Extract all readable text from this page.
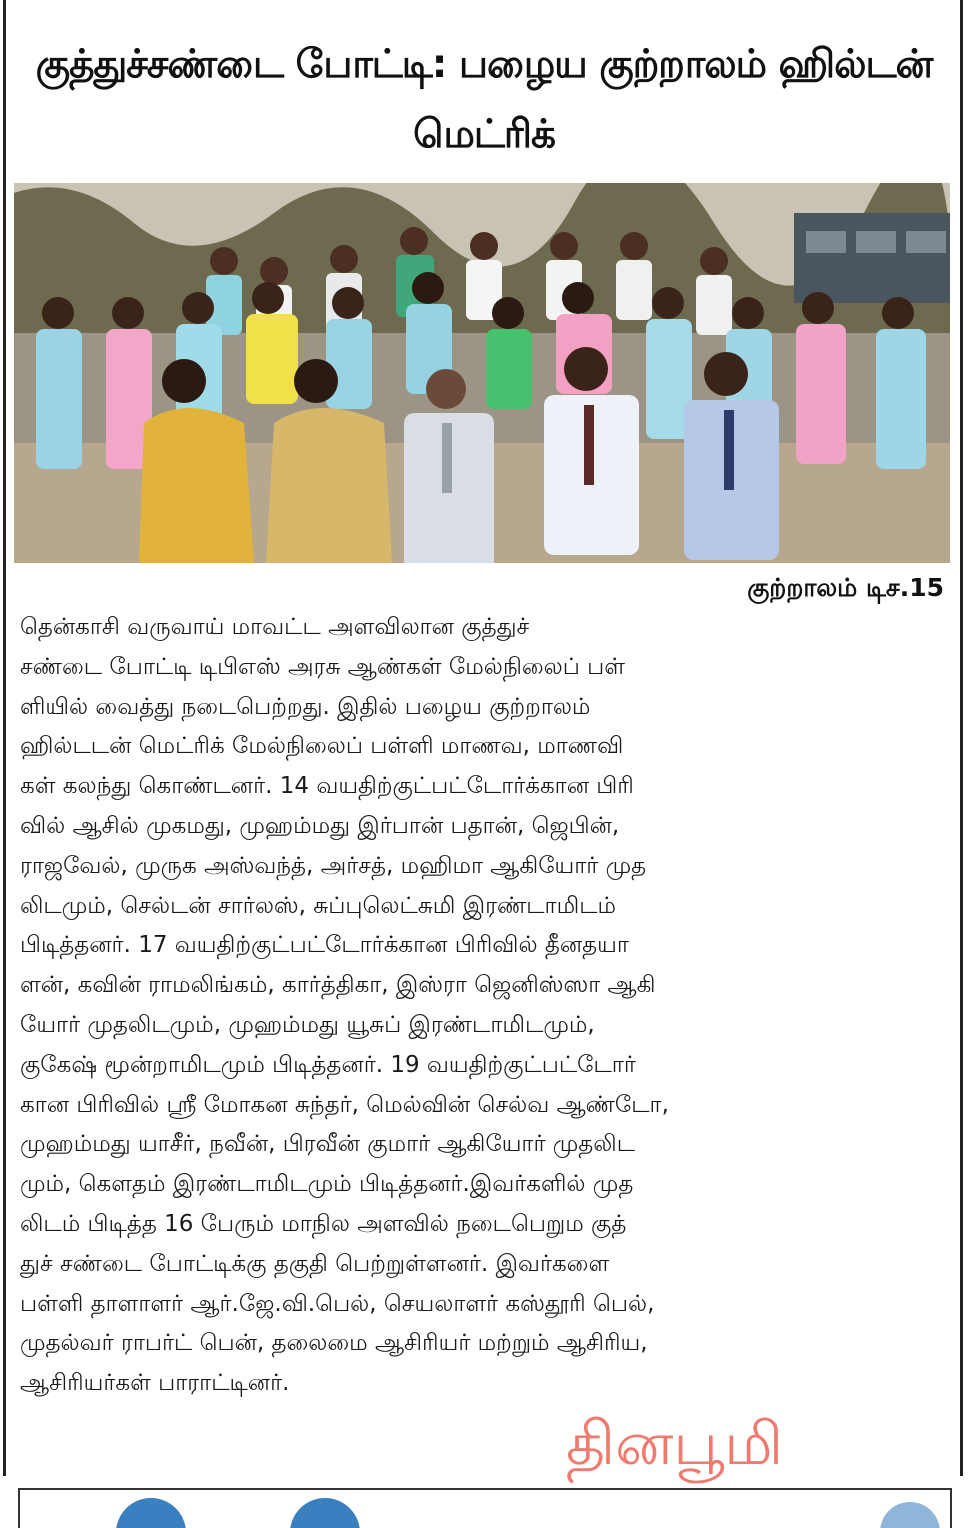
குத்துச்சண்டை போட்டி: பழைய குற்றாலம் ஹில்டன் மெட்ரிக்
குற்றாலம் டிச.15
தென்காசி வருவாய் மாவட்ட அளவிலான குத்துச்
சண்டை போட்டி டிபிஎஸ் அரசு ஆண்கள் மேல்நிலைப் பள்
ளியில் வைத்து நடைபெற்றது. இதில் பழைய குற்றாலம்
ஹில்டடன் மெட்ரிக் மேல்நிலைப் பள்ளி மாணவ, மாணவி
கள் கலந்து கொண்டனர். 14 வயதிற்குட்பட்டோர்க்கான பிரி
வில் ஆசில் முகமது, முஹம்மது இர்பான் பதான், ஜெபின்,
ராஜவேல், முருக அஸ்வந்த், அர்சத், மஹிமா ஆகியோர் முத
லிடமும், செல்டன் சார்லஸ், சுப்புலெட்சுமி இரண்டாமிடம்
பிடித்தனர். 17 வயதிற்குட்பட்டோர்க்கான பிரிவில் தீனதயா
ளன், கவின் ராமலிங்கம், கார்த்திகா, இஸ்ரா ஜெனிஸ்ஸா ஆகி
யோர் முதலிடமும், முஹம்மது யூசுப் இரண்டாமிடமும்,
குகேஷ் மூன்றாமிடமும் பிடித்தனர். 19 வயதிற்குட்பட்டோர்
கான பிரிவில் ஸ்ரீ மோகன சுந்தர், மெல்வின் செல்வ ஆண்டோ,
முஹம்மது யாசீர், நவீன், பிரவீன் குமார் ஆகியோர் முதலிட
மும், கௌதம் இரண்டாமிடமும் பிடித்தனர்.இவர்களில் முத
லிடம் பிடித்த 16 பேரும் மாநில அளவில் நடைபெறும குத்
துச் சண்டை போட்டிக்கு தகுதி பெற்றுள்ளனர். இவர்களை
பள்ளி தாளாளர் ஆர்.ஜே.வி.பெல், செயலாளர் கஸ்தூரி பெல்,
முதல்வர் ராபர்ட் பென், தலைமை ஆசிரியர் மற்றும் ஆசிரிய,
ஆசிரியர்கள் பாராட்டினர்.
தினபூமி
